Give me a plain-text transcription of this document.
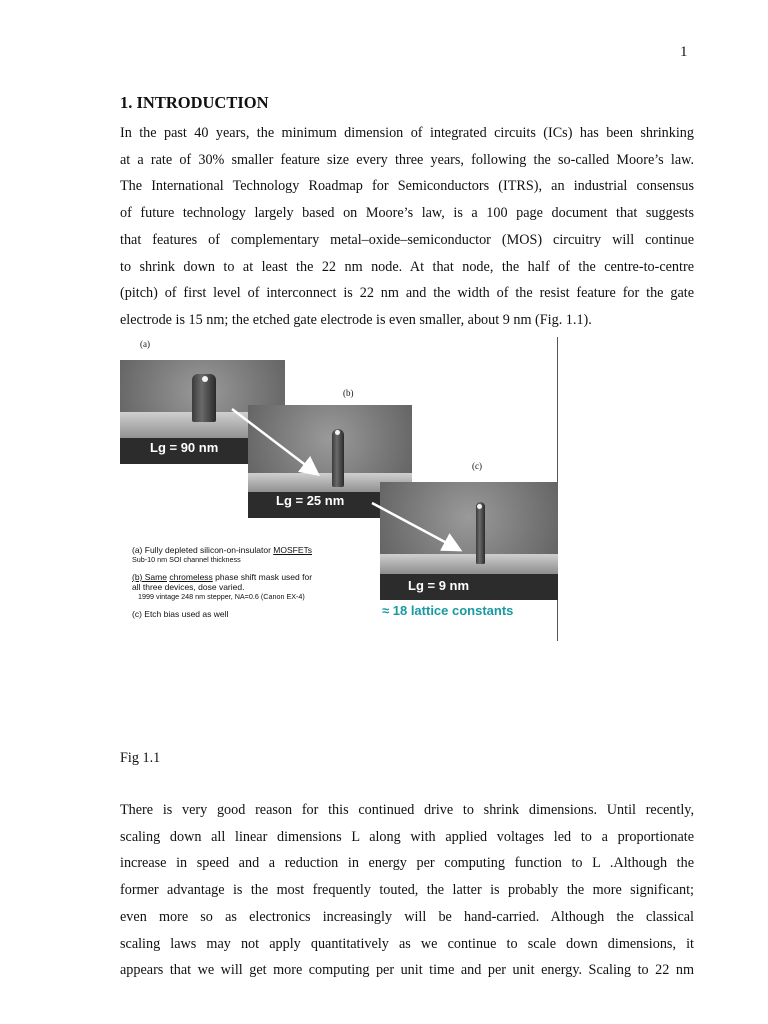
1
1. INTRODUCTION
In the past 40 years, the minimum dimension of integrated circuits (ICs) has been shrinking
at a rate of 30% smaller feature size every three years, following the so-called Moore’s law.
The International Technology Roadmap for Semiconductors (ITRS), an industrial consensus
of future technology largely based on Moore’s law, is a 100 page document that suggests
that features of complementary metal–oxide–semiconductor (MOS) circuitry will continue
to shrink down to at least the 22 nm node. At that node, the half of the centre-to-centre
(pitch) of first level of interconnect is 22 nm and the width of the resist feature for the gate
electrode is 15 nm; the etched gate electrode is even smaller, about 9 nm (Fig. 1.1).
(a)
(b)
(c)
Lg = 90 nm
Lg = 25 nm
Lg = 9 nm
(a) Fully depleted silicon-on-insulator MOSFETs
Sub-10 nm SOI channel thickness
(b) Same chromeless phase shift mask used for
all three devices, dose varied.
1999 vintage 248 nm stepper, NA=0.6 (Canon EX-4)
(c) Etch bias used as well	≈ 18 lattice constants

Fig 1.1

There is very good reason for this continued drive to shrink dimensions. Until recently,
scaling down all linear dimensions L along with applied voltages led to a proportionate
increase in speed and a reduction in energy per computing function to L .Although the
former advantage is the most frequently touted, the latter is probably the more significant;
even more so as electronics increasingly will be hand-carried. Although the classical
scaling laws may not apply quantitatively as we continue to scale down dimensions, it
appears that we will get more computing per unit time and per unit energy. Scaling to 22 nm
